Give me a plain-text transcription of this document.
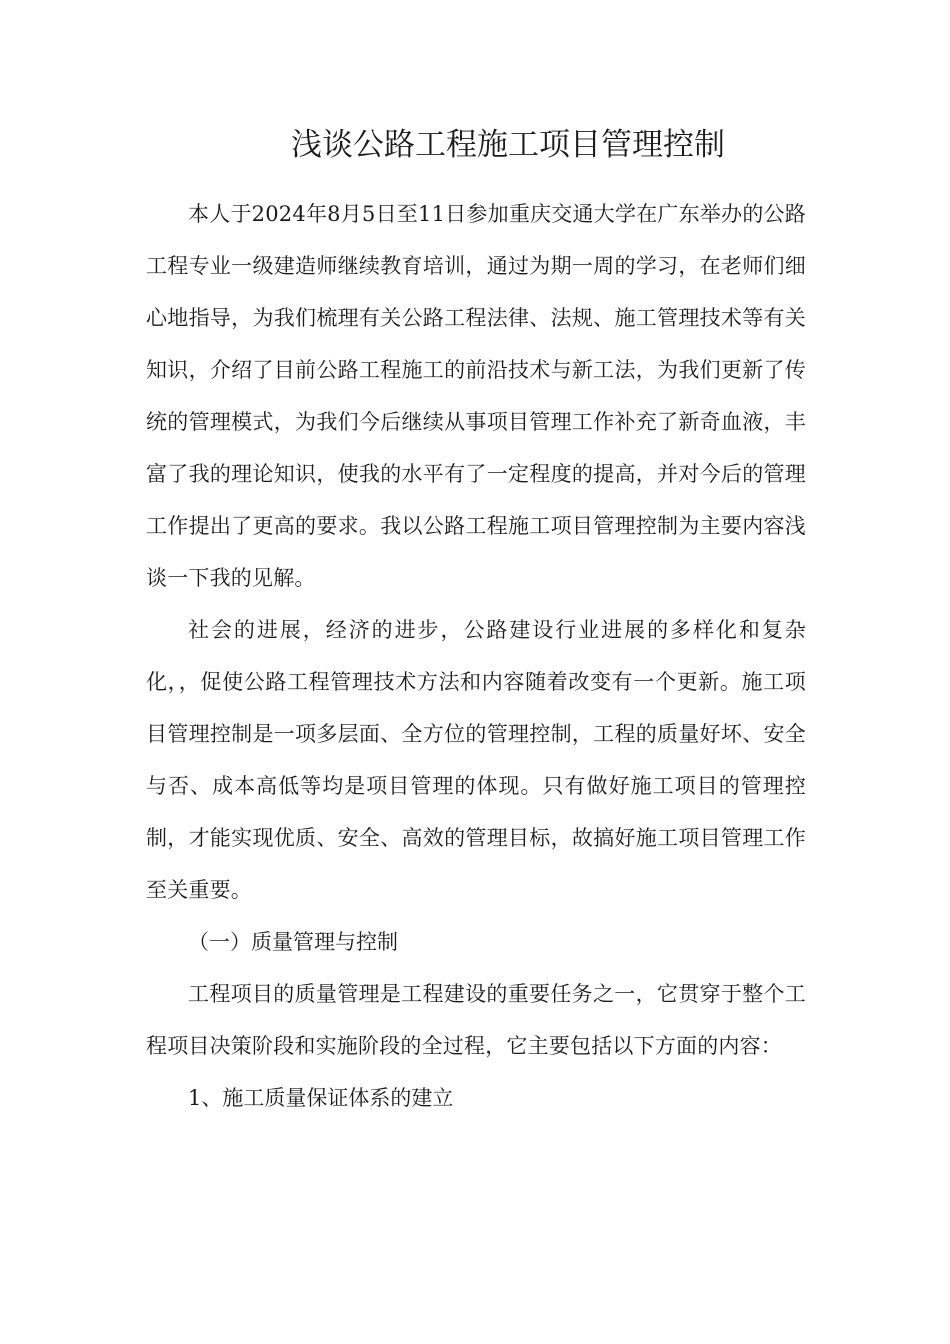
浅谈公路工程施工项目管理控制

本人于2024年8月5日至11日参加重庆交通大学在广东举办的公路工程专业一级建造师继续教育培训，通过为期一周的学习，在老师们细心地指导，为我们梳理有关公路工程法律、法规、施工管理技术等有关知识，介绍了目前公路工程施工的前沿技术与新工法，为我们更新了传统的管理模式，为我们今后继续从事项目管理工作补充了新奇血液，丰富了我的理论知识，使我的水平有了一定程度的提高，并对今后的管理工作提出了更高的要求。我以公路工程施工项目管理控制为主要内容浅谈一下我的见解。

社会的进展，经济的进步，公路建设行业进展的多样化和复杂化，，促使公路工程管理技术方法和内容随着改变有一个更新。施工项目管理控制是一项多层面、全方位的管理控制，工程的质量好坏、安全与否、成本高低等均是项目管理的体现。只有做好施工项目的管理控制，才能实现优质、安全、高效的管理目标，故搞好施工项目管理工作至关重要。

（一）质量管理与控制

工程项目的质量管理是工程建设的重要任务之一，它贯穿于整个工程项目决策阶段和实施阶段的全过程，它主要包括以下方面的内容：

1、施工质量保证体系的建立
